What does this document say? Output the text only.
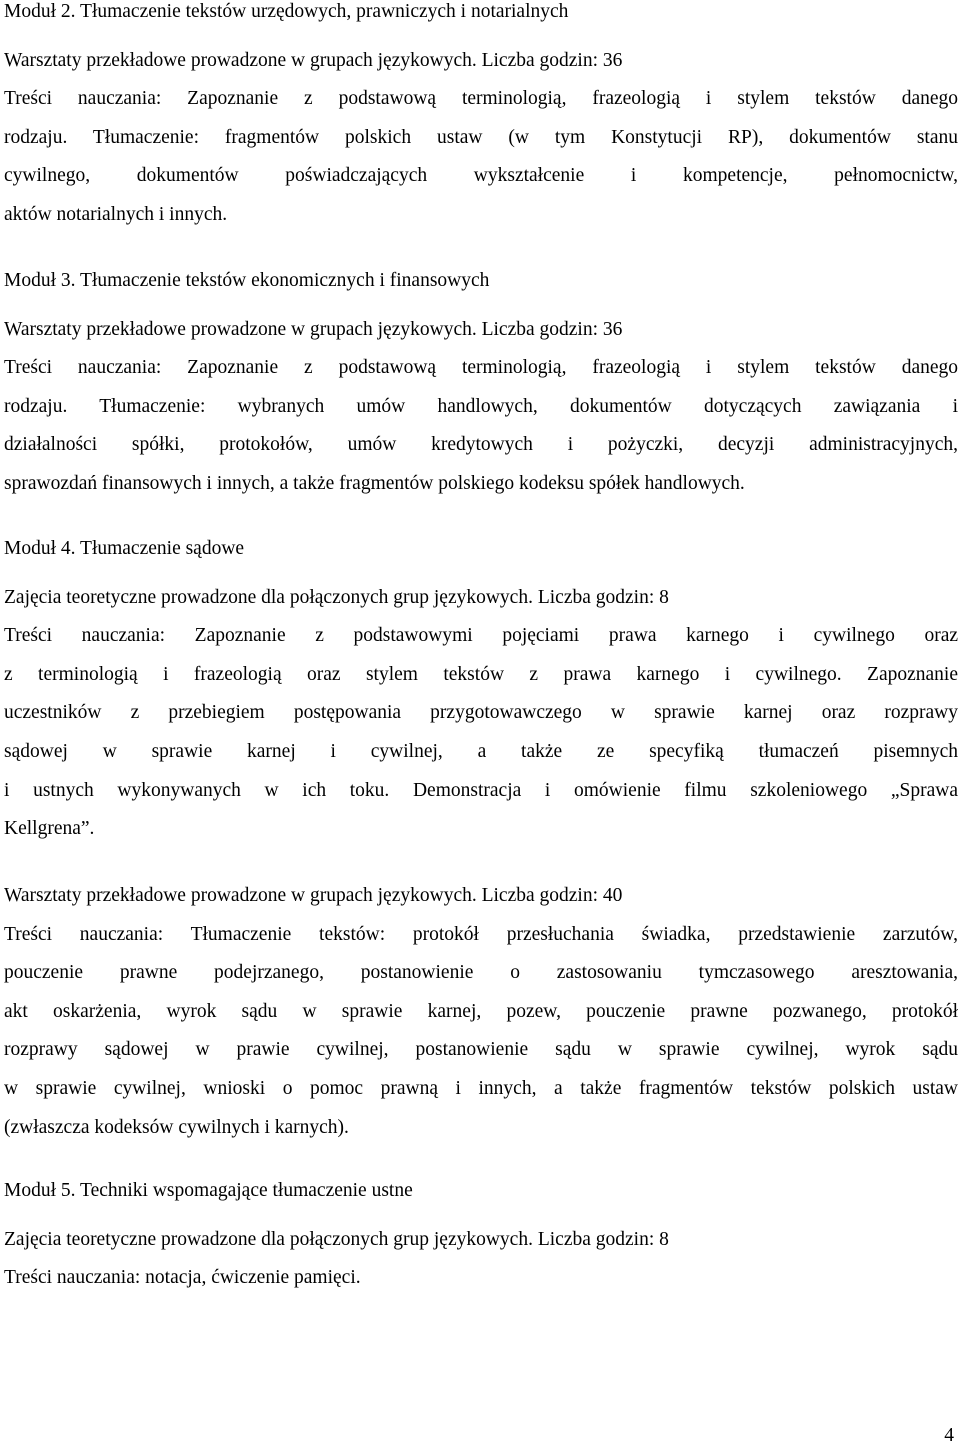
Moduł 2. Tłumaczenie tekstów urzędowych, prawniczych i notarialnych
Warsztaty przekładowe prowadzone w grupach językowych. Liczba godzin: 36
Treści nauczania: Zapoznanie z podstawową terminologią, frazeologią i stylem tekstów danego
rodzaju. Tłumaczenie: fragmentów polskich ustaw (w tym Konstytucji RP), dokumentów stanu
cywilnego, dokumentów poświadczających wykształcenie i kompetencje, pełnomocnictw,
aktów notarialnych i innych.
Moduł 3. Tłumaczenie tekstów ekonomicznych i finansowych
Warsztaty przekładowe prowadzone w grupach językowych. Liczba godzin: 36
Treści nauczania: Zapoznanie z podstawową terminologią, frazeologią i stylem tekstów danego
rodzaju. Tłumaczenie: wybranych umów handlowych, dokumentów dotyczących zawiązania i
działalności spółki, protokołów, umów kredytowych i pożyczki, decyzji administracyjnych,
sprawozdań finansowych i innych, a także fragmentów polskiego kodeksu spółek handlowych.
Moduł 4. Tłumaczenie sądowe
Zajęcia teoretyczne prowadzone dla połączonych grup językowych. Liczba godzin: 8
Treści nauczania: Zapoznanie z podstawowymi pojęciami prawa karnego i cywilnego oraz
z terminologią i frazeologią oraz stylem tekstów z prawa karnego i cywilnego. Zapoznanie
uczestników z przebiegiem postępowania przygotowawczego w sprawie karnej oraz rozprawy
sądowej w sprawie karnej i cywilnej, a także ze specyfiką tłumaczeń pisemnych
i ustnych wykonywanych w ich toku. Demonstracja i omówienie filmu szkoleniowego „Sprawa
Kellgrena”.
Warsztaty przekładowe prowadzone w grupach językowych. Liczba godzin: 40
Treści nauczania: Tłumaczenie tekstów: protokół przesłuchania świadka, przedstawienie zarzutów,
pouczenie prawne podejrzanego, postanowienie o zastosowaniu tymczasowego aresztowania,
akt oskarżenia, wyrok sądu w sprawie karnej, pozew, pouczenie prawne pozwanego, protokół
rozprawy sądowej w prawie cywilnej, postanowienie sądu w sprawie cywilnej, wyrok sądu
w sprawie cywilnej, wnioski o pomoc prawną i innych, a także fragmentów tekstów polskich ustaw
(zwłaszcza kodeksów cywilnych i karnych).
Moduł 5. Techniki wspomagające tłumaczenie ustne
Zajęcia teoretyczne prowadzone dla połączonych grup językowych. Liczba godzin: 8
Treści nauczania: notacja, ćwiczenie pamięci.
4
